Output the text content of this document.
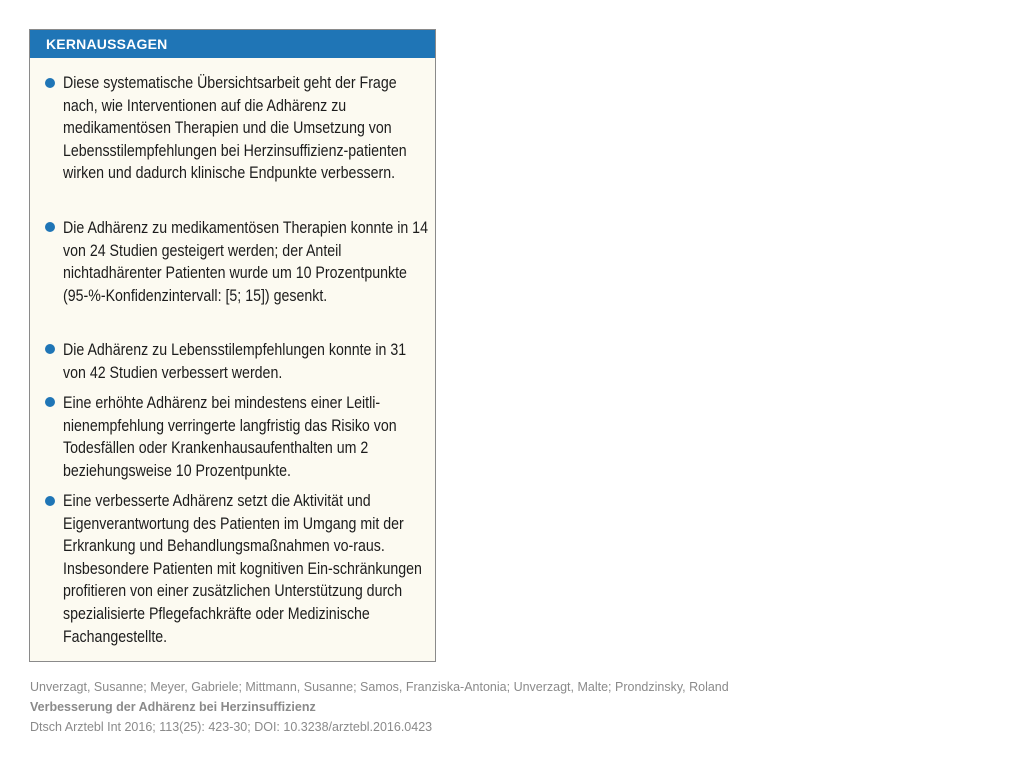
KERNAUSSAGEN
Diese systematische Übersichtsarbeit geht der Frage nach, wie Interventionen auf die Adhärenz zu medikamentösen Therapien und die Umsetzung von Lebensstilempfehlungen bei Herzinsuffizienz-patienten wirken und dadurch klinische Endpunkte verbessern.
Die Adhärenz zu medikamentösen Therapien konnte in 14 von 24 Studien gesteigert werden; der Anteil nichtadhärenter Patienten wurde um 10 Prozentpunkte (95-%-Konfidenzintervall: [5; 15]) gesenkt.
Die Adhärenz zu Lebensstilempfehlungen konnte in 31 von 42 Studien verbessert werden.
Eine erhöhte Adhärenz bei mindestens einer Leitli-nienempfehlung verringerte langfristig das Risiko von Todesfällen oder Krankenhausaufenthalten um 2 beziehungsweise 10 Prozentpunkte.
Eine verbesserte Adhärenz setzt die Aktivität und Eigenverantwortung des Patienten im Umgang mit der Erkrankung und Behandlungsmaßnahmen vo-raus. Insbesondere Patienten mit kognitiven Ein-schränkungen profitieren von einer zusätzlichen Unterstützung durch spezialisierte Pflegefachkräfte oder Medizinische Fachangestellte.
Unverzagt, Susanne; Meyer, Gabriele; Mittmann, Susanne; Samos, Franziska-Antonia; Unverzagt, Malte; Prondzinsky, Roland
Verbesserung der Adhärenz bei Herzinsuffizienz
Dtsch Arztebl Int 2016; 113(25): 423-30; DOI: 10.3238/arztebl.2016.0423
